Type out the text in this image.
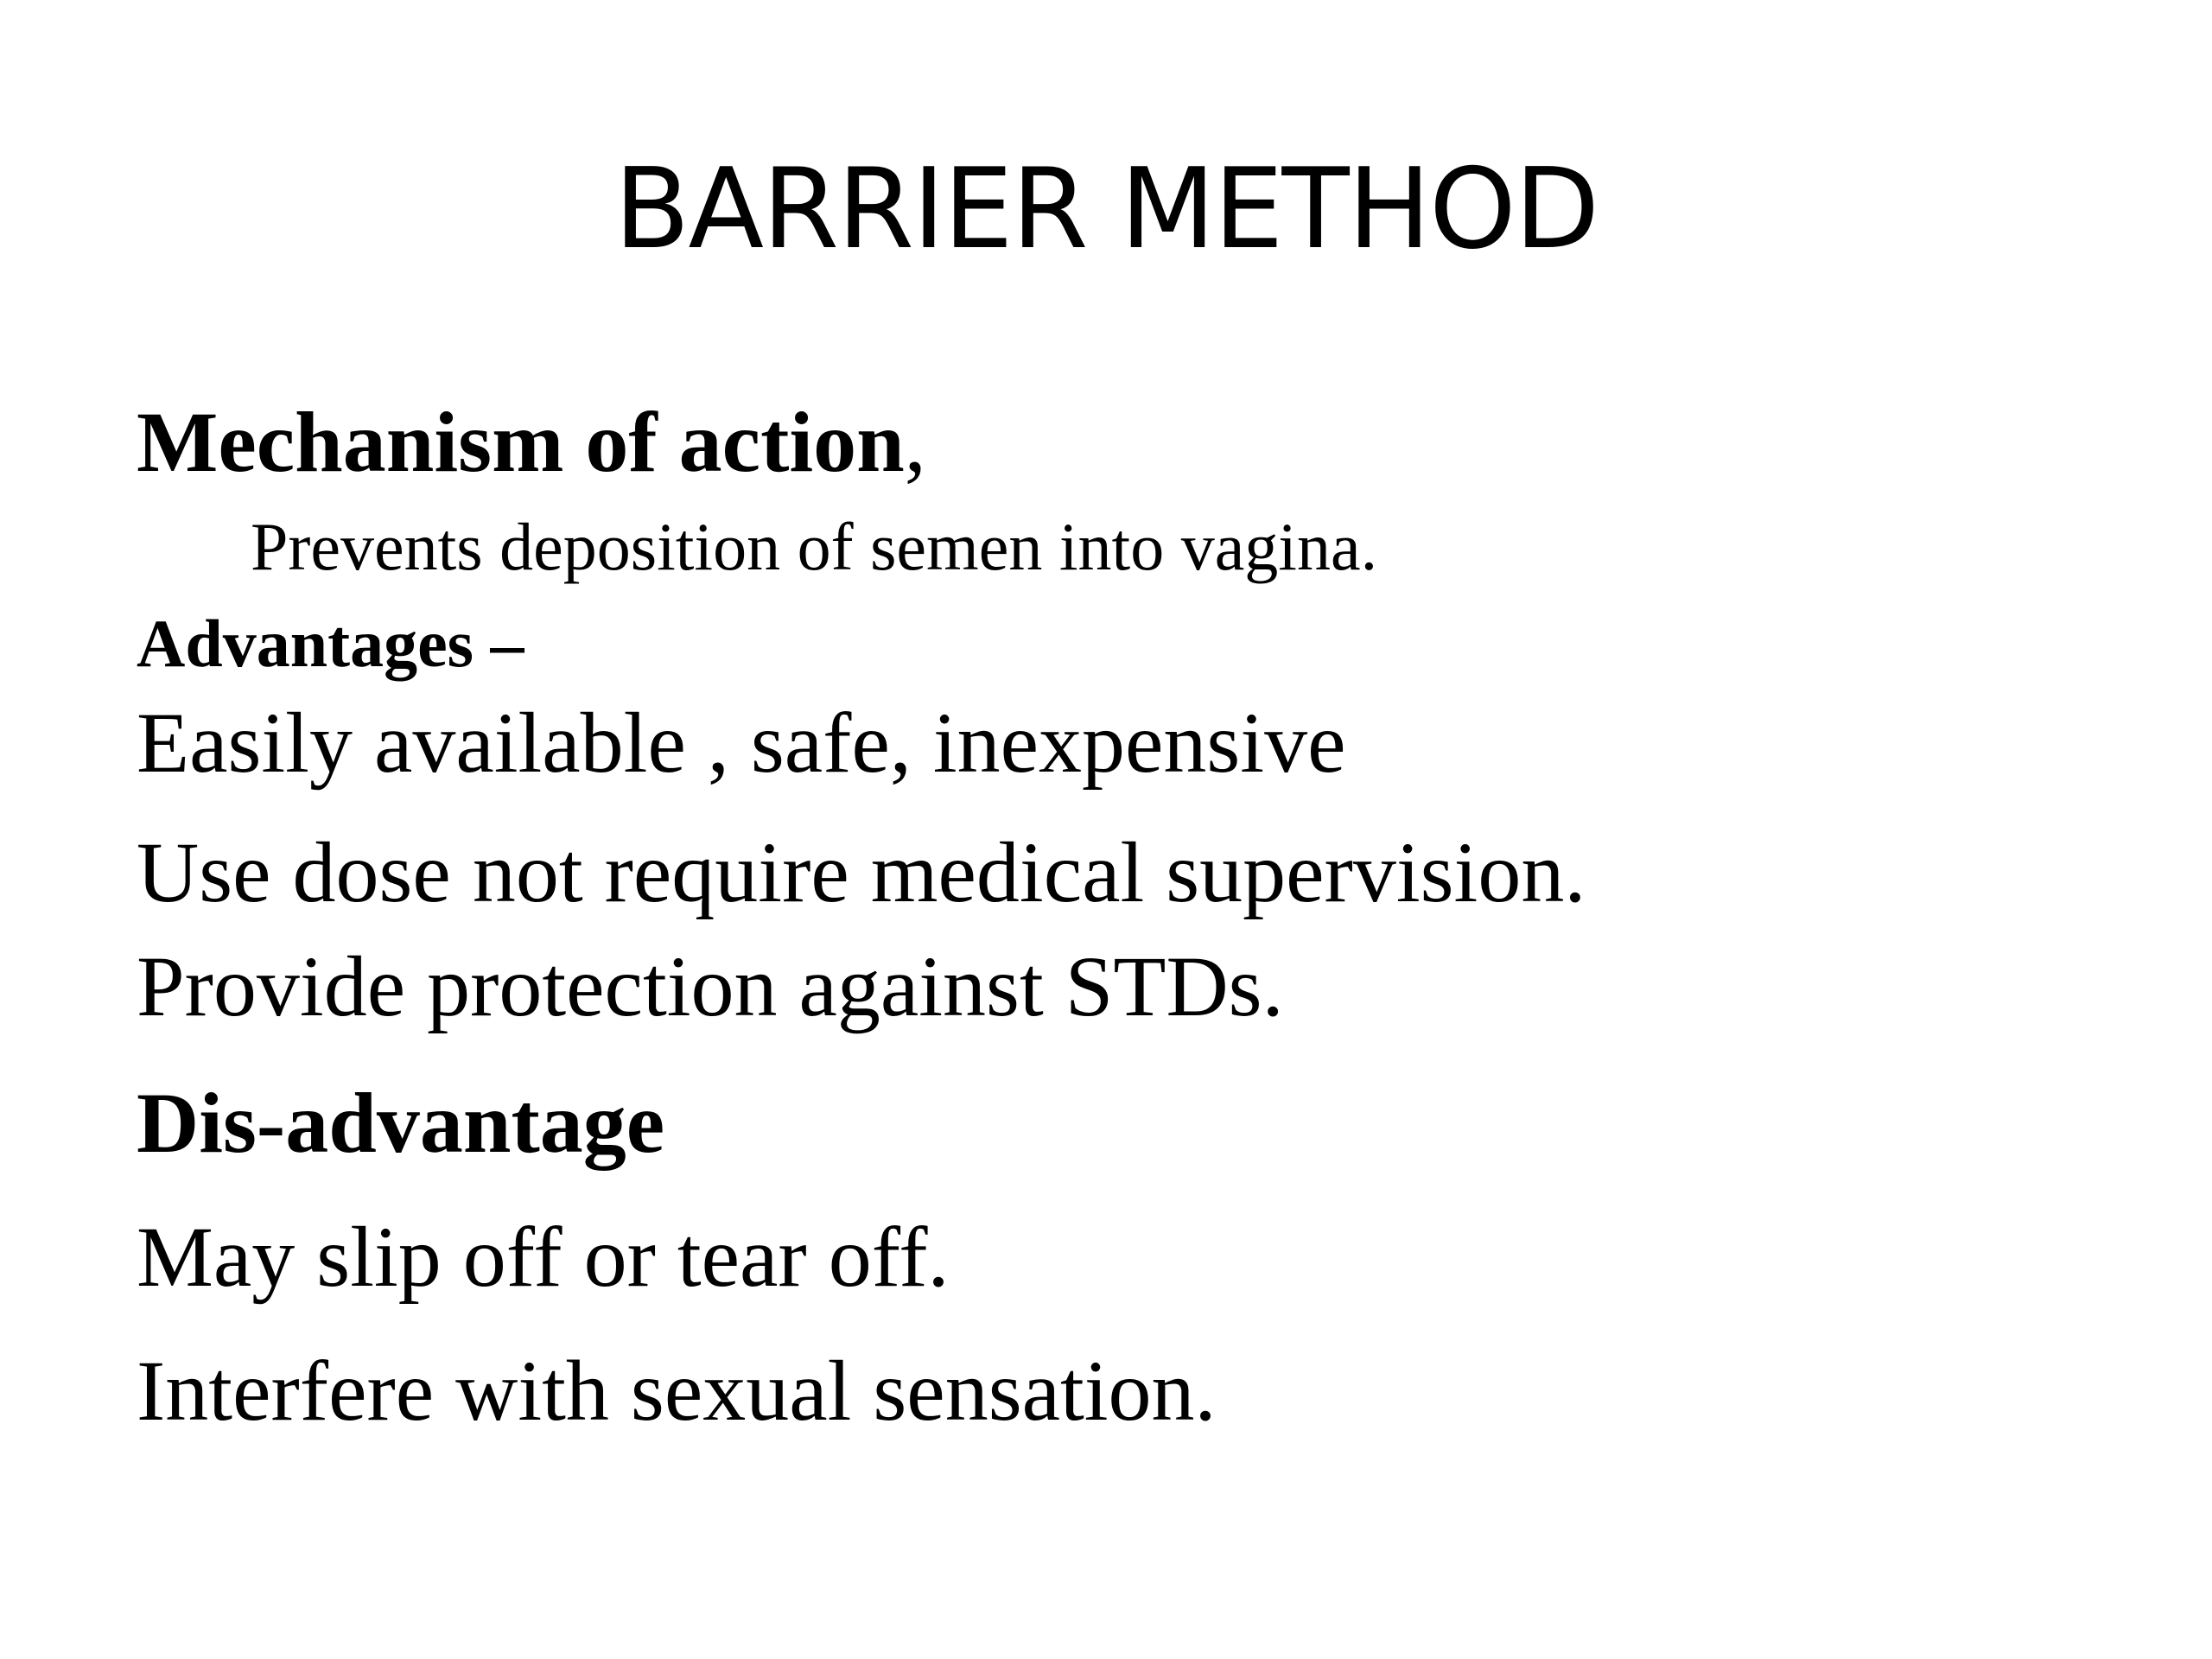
BARRIER METHOD
Mechanism of action,
Prevents deposition of semen into vagina.
Advantages –
Easily available , safe, inexpensive
Use dose not require medical supervision.
Provide protection against STDs.
Dis-advantage
May slip off or tear off.
Interfere with sexual sensation.
